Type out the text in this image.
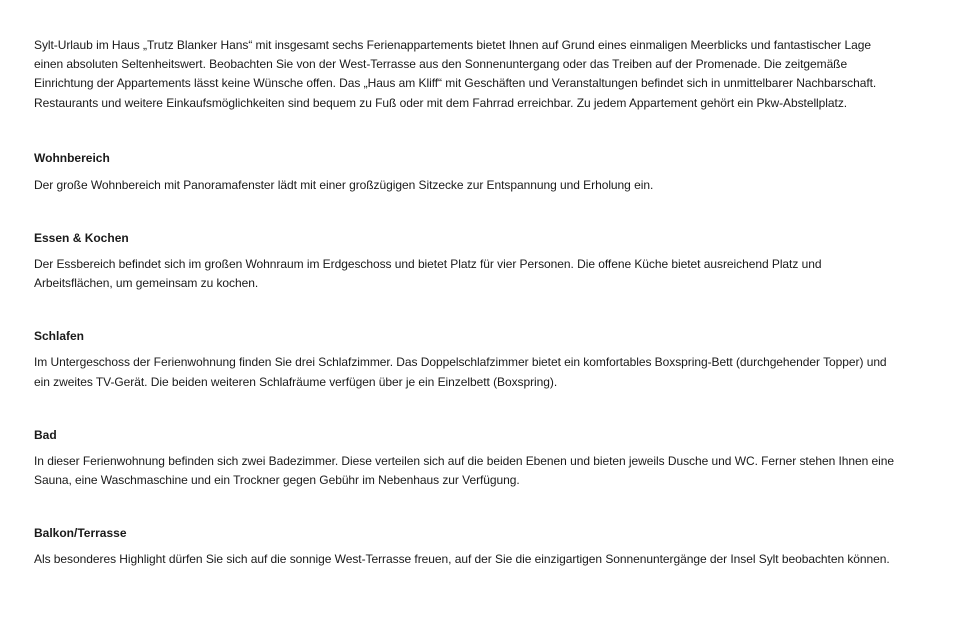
Sylt-Urlaub im Haus „Trutz Blanker Hans“ mit insgesamt sechs Ferienappartements bietet Ihnen auf Grund eines einmaligen Meerblicks und fantastischer Lage einen absoluten Seltenheitswert. Beobachten Sie von der West-Terrasse aus den Sonnenuntergang oder das Treiben auf der Promenade. Die zeitgemäße Einrichtung der Appartements lässt keine Wünsche offen. Das „Haus am Kliff“ mit Geschäften und Veranstaltungen befindet sich in unmittelbarer Nachbarschaft. Restaurants und weitere Einkaufsmöglichkeiten sind bequem zu Fuß oder mit dem Fahrrad erreichbar. Zu jedem Appartement gehört ein Pkw-Abstellplatz.

Wohnbereich

Der große Wohnbereich mit Panoramafenster lädt mit einer großzügigen Sitzecke zur Entspannung und Erholung ein.

Essen & Kochen

Der Essbereich befindet sich im großen Wohnraum im Erdgeschoss und bietet Platz für vier Personen. Die offene Küche bietet ausreichend Platz und Arbeitsflächen, um gemeinsam zu kochen.

Schlafen

Im Untergeschoss der Ferienwohnung finden Sie drei Schlafzimmer. Das Doppelschlafzimmer bietet ein komfortables Boxspring-Bett (durchgehender Topper) und ein zweites TV-Gerät. Die beiden weiteren Schlafräume verfügen über je ein Einzelbett (Boxspring).

Bad

In dieser Ferienwohnung befinden sich zwei Badezimmer. Diese verteilen sich auf die beiden Ebenen und bieten jeweils Dusche und WC. Ferner stehen Ihnen eine Sauna, eine Waschmaschine und ein Trockner gegen Gebühr im Nebenhaus zur Verfügung.

Balkon/Terrasse

Als besonderes Highlight dürfen Sie sich auf die sonnige West-Terrasse freuen, auf der Sie die einzigartigen Sonnenuntergänge der Insel Sylt beobachten können.
